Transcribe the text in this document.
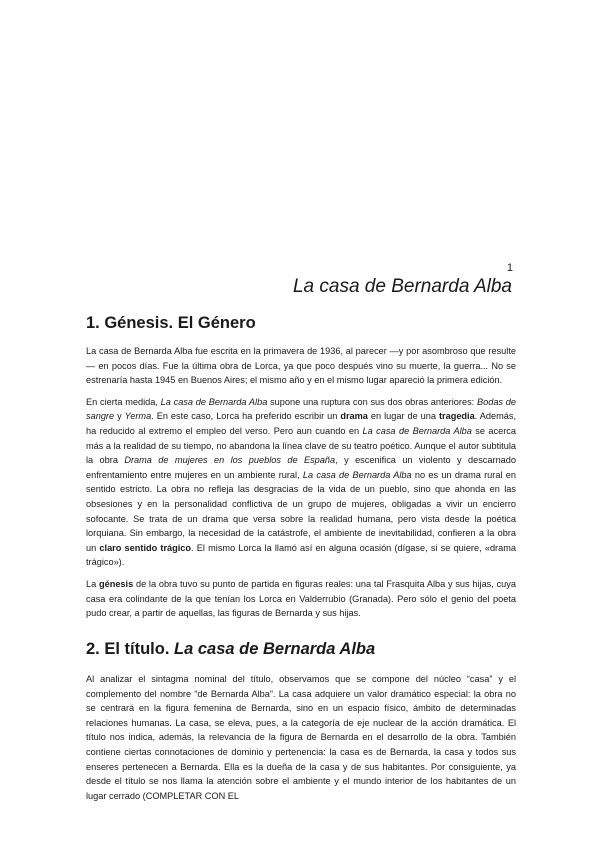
1
La casa de Bernarda Alba
1. Génesis. El Género

La casa de Bernarda Alba fue escrita en la primavera de 1936, al parecer —y por asombroso que resulte— en pocos días. Fue la última obra de Lorca, ya que poco después vino su muerte, la guerra... No se estrenaría hasta 1945 en Buenos Aires; el mismo año y en el mismo lugar apareció la primera edición.

En cierta medida, La casa de Bernarda Alba supone una ruptura con sus dos obras anteriores: Bodas de sangre y Yerma. En este caso, Lorca ha preferido escribir un drama en lugar de una tragedia. Además, ha reducido al extremo el empleo del verso. Pero aun cuando en La casa de Bernarda Alba se acerca más a la realidad de su tiempo, no abandona la línea clave de su teatro poético. Aunque el autor subtitula la obra Drama de mujeres en los pueblos de España, y escenifica un violento y descarnado enfrentamiento entre mujeres en un ambiente rural, La casa de Bernarda Alba no es un drama rural en sentido estricto. La obra no refleja las desgracias de la vida de un pueblo, sino que ahonda en las obsesiones y en la personalidad conflictiva de un grupo de mujeres, obligadas a vivir un encierro sofocante. Se trata de un drama que versa sobre la realidad humana, pero vista desde la poética lorquiana. Sin embargo, la necesidad de la catástrofe, el ambiente de inevitabilidad, confieren a la obra un claro sentido trágico. El mismo Lorca la llamó así en alguna ocasión (dígase, si se quiere, «drama trágico»).

La génesis de la obra tuvo su punto de partida en figuras reales: una tal Frasquita Alba y sus hijas, cuya casa era colindante de la que tenían los Lorca en Valderrubio (Granada). Pero sólo el genio del poeta pudo crear, a partir de aquellas, las figuras de Bernarda y sus hijas.

2. El título. La casa de Bernarda Alba

Al analizar el sintagma nominal del título, observamos que se compone del núcleo “casa” y el complemento del nombre “de Bernarda Alba”. La casa adquiere un valor dramático especial: la obra no se centrará en la figura femenina de Bernarda, sino en un espacio físico, ámbito de determinadas relaciones humanas. La casa, se eleva, pues, a la categoría de eje nuclear de la acción dramática. El título nos indica, además, la relevancia de la figura de Bernarda en el desarrollo de la obra. También contiene ciertas connotaciones de dominio y pertenencia: la casa es de Bernarda, la casa y todos sus enseres pertenecen a Bernarda. Ella es la dueña de la casa y de sus habitantes. Por consiguiente, ya desde el título se nos llama la atención sobre el ambiente y el mundo interior de los habitantes de un lugar cerrado (COMPLETAR CON EL
